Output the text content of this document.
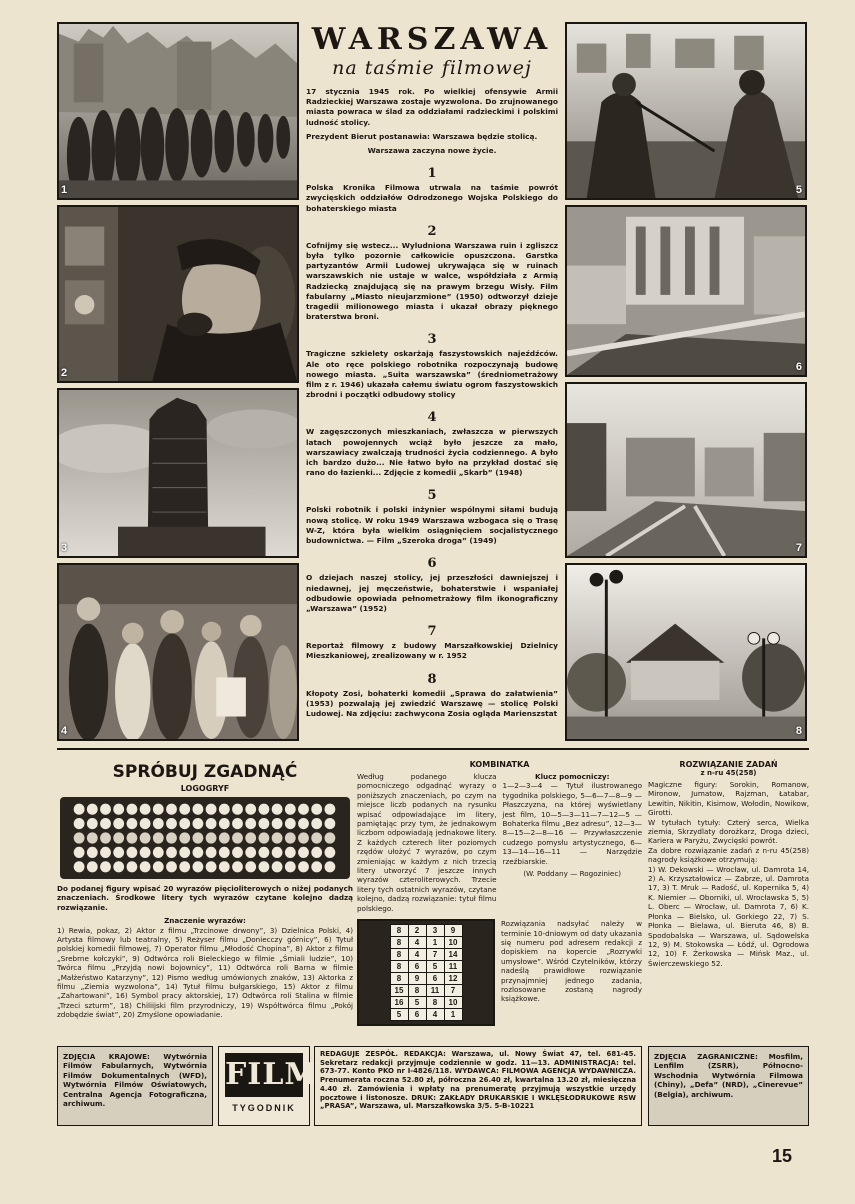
1
2
3
4
5
6
7
8
WARSZAWA
na taśmie filmowej

17 stycznia 1945 rok. Po wielkiej ofensywie Armii Radzieckiej Warszawa zostaje wyzwolona. Do zrujnowanego miasta powraca w ślad za oddziałami radzieckimi i polskimi ludność stolicy.

Prezydent Bierut postanawia: Warszawa będzie stolicą.

Warszawa zaczyna nowe życie.

1

Polska Kronika Filmowa utrwala na taśmie powrót zwycięskich oddziałów Odrodzonego Wojska Polskiego do bohaterskiego miasta

2

Cofnijmy się wstecz... Wyludniona Warszawa ruin i zgliszcz była tylko pozornie całkowicie opuszczona. Garstka partyzantów Armii Ludowej ukrywająca się w ruinach warszawskich nie ustaje w walce, współdziała z Armią Radziecką znajdującą się na prawym brzegu Wisły. Film fabularny „Miasto nieujarzmione” (1950) odtworzył dzieje tragedii milionowego miasta i ukazał obrazy pięknego braterstwa broni.

3

Tragiczne szkielety oskarżają faszystowskich najeźdźców. Ale oto ręce polskiego robotnika rozpoczynają budowę nowego miasta. „Suita warszawska” (średniometrażowy film z r. 1946) ukazała całemu światu ogrom faszystowskich zbrodni i początki odbudowy stolicy

4

W zagęszczonych mieszkaniach, zwłaszcza w pierwszych latach powojennych wciąż było jeszcze za mało, warszawiacy zwalczają trudności życia codziennego. A było ich bardzo dużo... Nie łatwo było na przykład dostać się rano do łazienki... Zdjęcie z komedii „Skarb” (1948)

5

Polski robotnik i polski inżynier wspólnymi siłami budują nową stolicę. W roku 1949 Warszawa wzbogaca się o Trasę W-Z, która była wielkim osiągnięciem socjalistycznego budownictwa. — Film „Szeroka droga” (1949)

6

O dziejach naszej stolicy, jej przeszłości dawniejszej i niedawnej, jej męczeństwie, bohaterstwie i wspaniałej odbudowie opowiada pełnometrażowy film ikonograficzny „Warszawa” (1952)

7

Reportaż filmowy z budowy Marszałkowskiej Dzielnicy Mieszkaniowej, zrealizowany w r. 1952

8

Kłopoty Zosi, bohaterki komedii „Sprawa do załatwienia” (1953) pozwalają jej zwiedzić Warszawę — stolicę Polski Ludowej. Na zdjęciu: zachwycona Zosia ogląda Marienszstat

SPRÓBUJ ZGADNĄĆ
LOGOGRYF
Do podanej figury wpisać 20 wyrazów pięcioliterowych o niżej podanych znaczeniach. Środkowe litery tych wyrazów czytane kolejno dadzą rozwiązanie.
Znaczenie wyrazów:
1) Rewia, pokaz, 2) Aktor z filmu „Trzcinowe drwony”, 3) Dzielnica Polski, 4) Artysta filmowy lub teatralny, 5) Reżyser filmu „Doniecczy górnicy”, 6) Tytuł polskiej komedii filmowej, 7) Operator filmu „Młodość Chopina”, 8) Aktor z filmu „Srebrne kołczyki”, 9) Odtwórca roli Bieleckiego w filmie „Śmiali ludzie”, 10) Twórca filmu „Przyjdą nowi bojownicy”, 11) Odtwórca roli Barna w filmie „Małżeństwo Katarzyny”, 12) Pismo według umówionych znaków, 13) Aktorka z filmu „Ziemia wyzwolona”, 14) Tytuł filmu bułgarskiego, 15) Aktor z filmu „Zahartowani”, 16) Symbol pracy aktorskiej, 17) Odtwórca roli Stalina w filmie „Trzeci szturm”, 18) Chiliijski film przyrodniczy, 19) Współtwórca filmu „Pokój zdobędzie świat”, 20) Zmyślone opowiadanie.
KOMBINATKA
Według podanego klucza pomocniczego odgadnąć wyrazy o poniższych znaczeniach, po czym na miejsce liczb podanych na rysunku wpisać odpowiadające im litery, pamiętając przy tym, że jednakowym liczbom odpowiadają jednakowe litery. Z każdych czterech liter poziomych rzędów ułożyć 7 wyrazów, po czym zmieniając w każdym z nich trzecią litery utworzyć 7 jeszcze innych wyrazów czteroliterowych. Trzecie litery tych ostatnich wyrazów, czytane kolejno, dadzą rozwiązanie: tytuł filmu polskiego.
Klucz pomocniczy:
1—2—3—4 — Tytuł ilustrowanego tygodnika polskiego, 5—6—7—8—9 — Płaszczyzna, na której wyświetlany jest film, 10—5—3—11—7—12—5 — Bohaterka filmu „Bez adresu”, 12—3—8—15—2—8—16 — Przywłaszczenie cudzego pomysłu artystycznego, 6—13—14—16—11 — Narzędzie rzeźbiarskie.
(W. Poddany — Rogoziniec)
8	2	3	9
8	4	1	10
8	4	7	14
8	6	5	11
8	9	6	12
15	8	11	7
16	5	8	10
5	6	4	1
Rozwiązania nadsyłać należy w terminie 10-dniowym od daty ukazania się numeru pod adresem redakcji z dopiskiem na kopercie „Rozrywki umysłowe”. Wśród Czytelników, którzy nadeślą prawidłowe rozwiązanie przynajmniej jednego zadania, rozlosowane zostaną nagrody książkowe.
ROZWIĄZANIE ZADAŃ
z n-ru 45(258)
Magiczne figury: Sorokin, Romanow, Mironow, Jumatow, Rajzman, Łatabar, Lewitin, Nikitin, Kisimow, Wołodin, Nowikow, Girotti.
W tytułach tytuły: Czterý serca, Wielka ziemia, Skrzydlaty dorożkarz, Droga dzieci, Kariera w Paryżu, Zwycięski powrót.
Za dobre rozwiązanie zadań z n-ru 45(258) nagrody książkowe otrzymują:
1) W. Dekowski — Wrocław, ul. Damrota 14, 2) A. Krzyształowicz — Zabrze, ul. Damrota 17, 3) T. Mruk — Radość, ul. Kopernika 5, 4) K. Niemier — Oborniki, ul. Wrocławska 5, 5) L. Oberc — Wrocław, ul. Damrota 7, 6) K. Płonka — Bielsko, ul. Gorkiego 22, 7) S. Płonka — Bielawa, ul. Bieruta 46, 8) B. Spodobalska — Warszawa, ul. Sądowelska 12, 9) M. Stokowska — Łódź, ul. Ogrodowa 12, 10) F. Żerkowska — Mińsk Maz., ul. Świerczewskiego 52.
ZDJĘCIA KRAJOWE: Wytwórnia Filmów Fabularnych, Wytwórnia Filmów Dokumentalnych (WFD), Wytwórnia Filmów Oświatowych, Centralna Agencja Fotograficzna, archiwum.
FILM
TYGODNIK
REDAGUJE ZESPÓŁ. REDAKCJA: Warszawa, ul. Nowy Świat 47, tel. 681-45. Sekretarz redakcji przyjmuje codziennie w godz. 11—13. ADMINISTRACJA: tel. 673-77. Konto PKO nr I-4826/118. WYDAWCA: FILMOWA AGENCJA WYDAWNICZA. Prenumerata roczna 52.80 zł, półroczna 26.40 zł, kwartalna 13.20 zł, miesięczna 4.40 zł. Zamówienia i wpłaty na prenumeratę przyjmują wszystkie urzędy pocztowe i listonosze. DRUK: ZAKŁADY DRUKARSKIE I WKLĘSŁODRUKOWE RSW „PRASA”, Warszawa, ul. Marszałkowska 3/5. 5-B-10221
ZDJĘCIA ZAGRANICZNE: Mosfilm, Lenfilm (ZSRR), Północno-Wschodnia Wytwórnia Filmowa (Chiny), „Defa” (NRD), „Cinerevue” (Belgia), archiwum.
15
